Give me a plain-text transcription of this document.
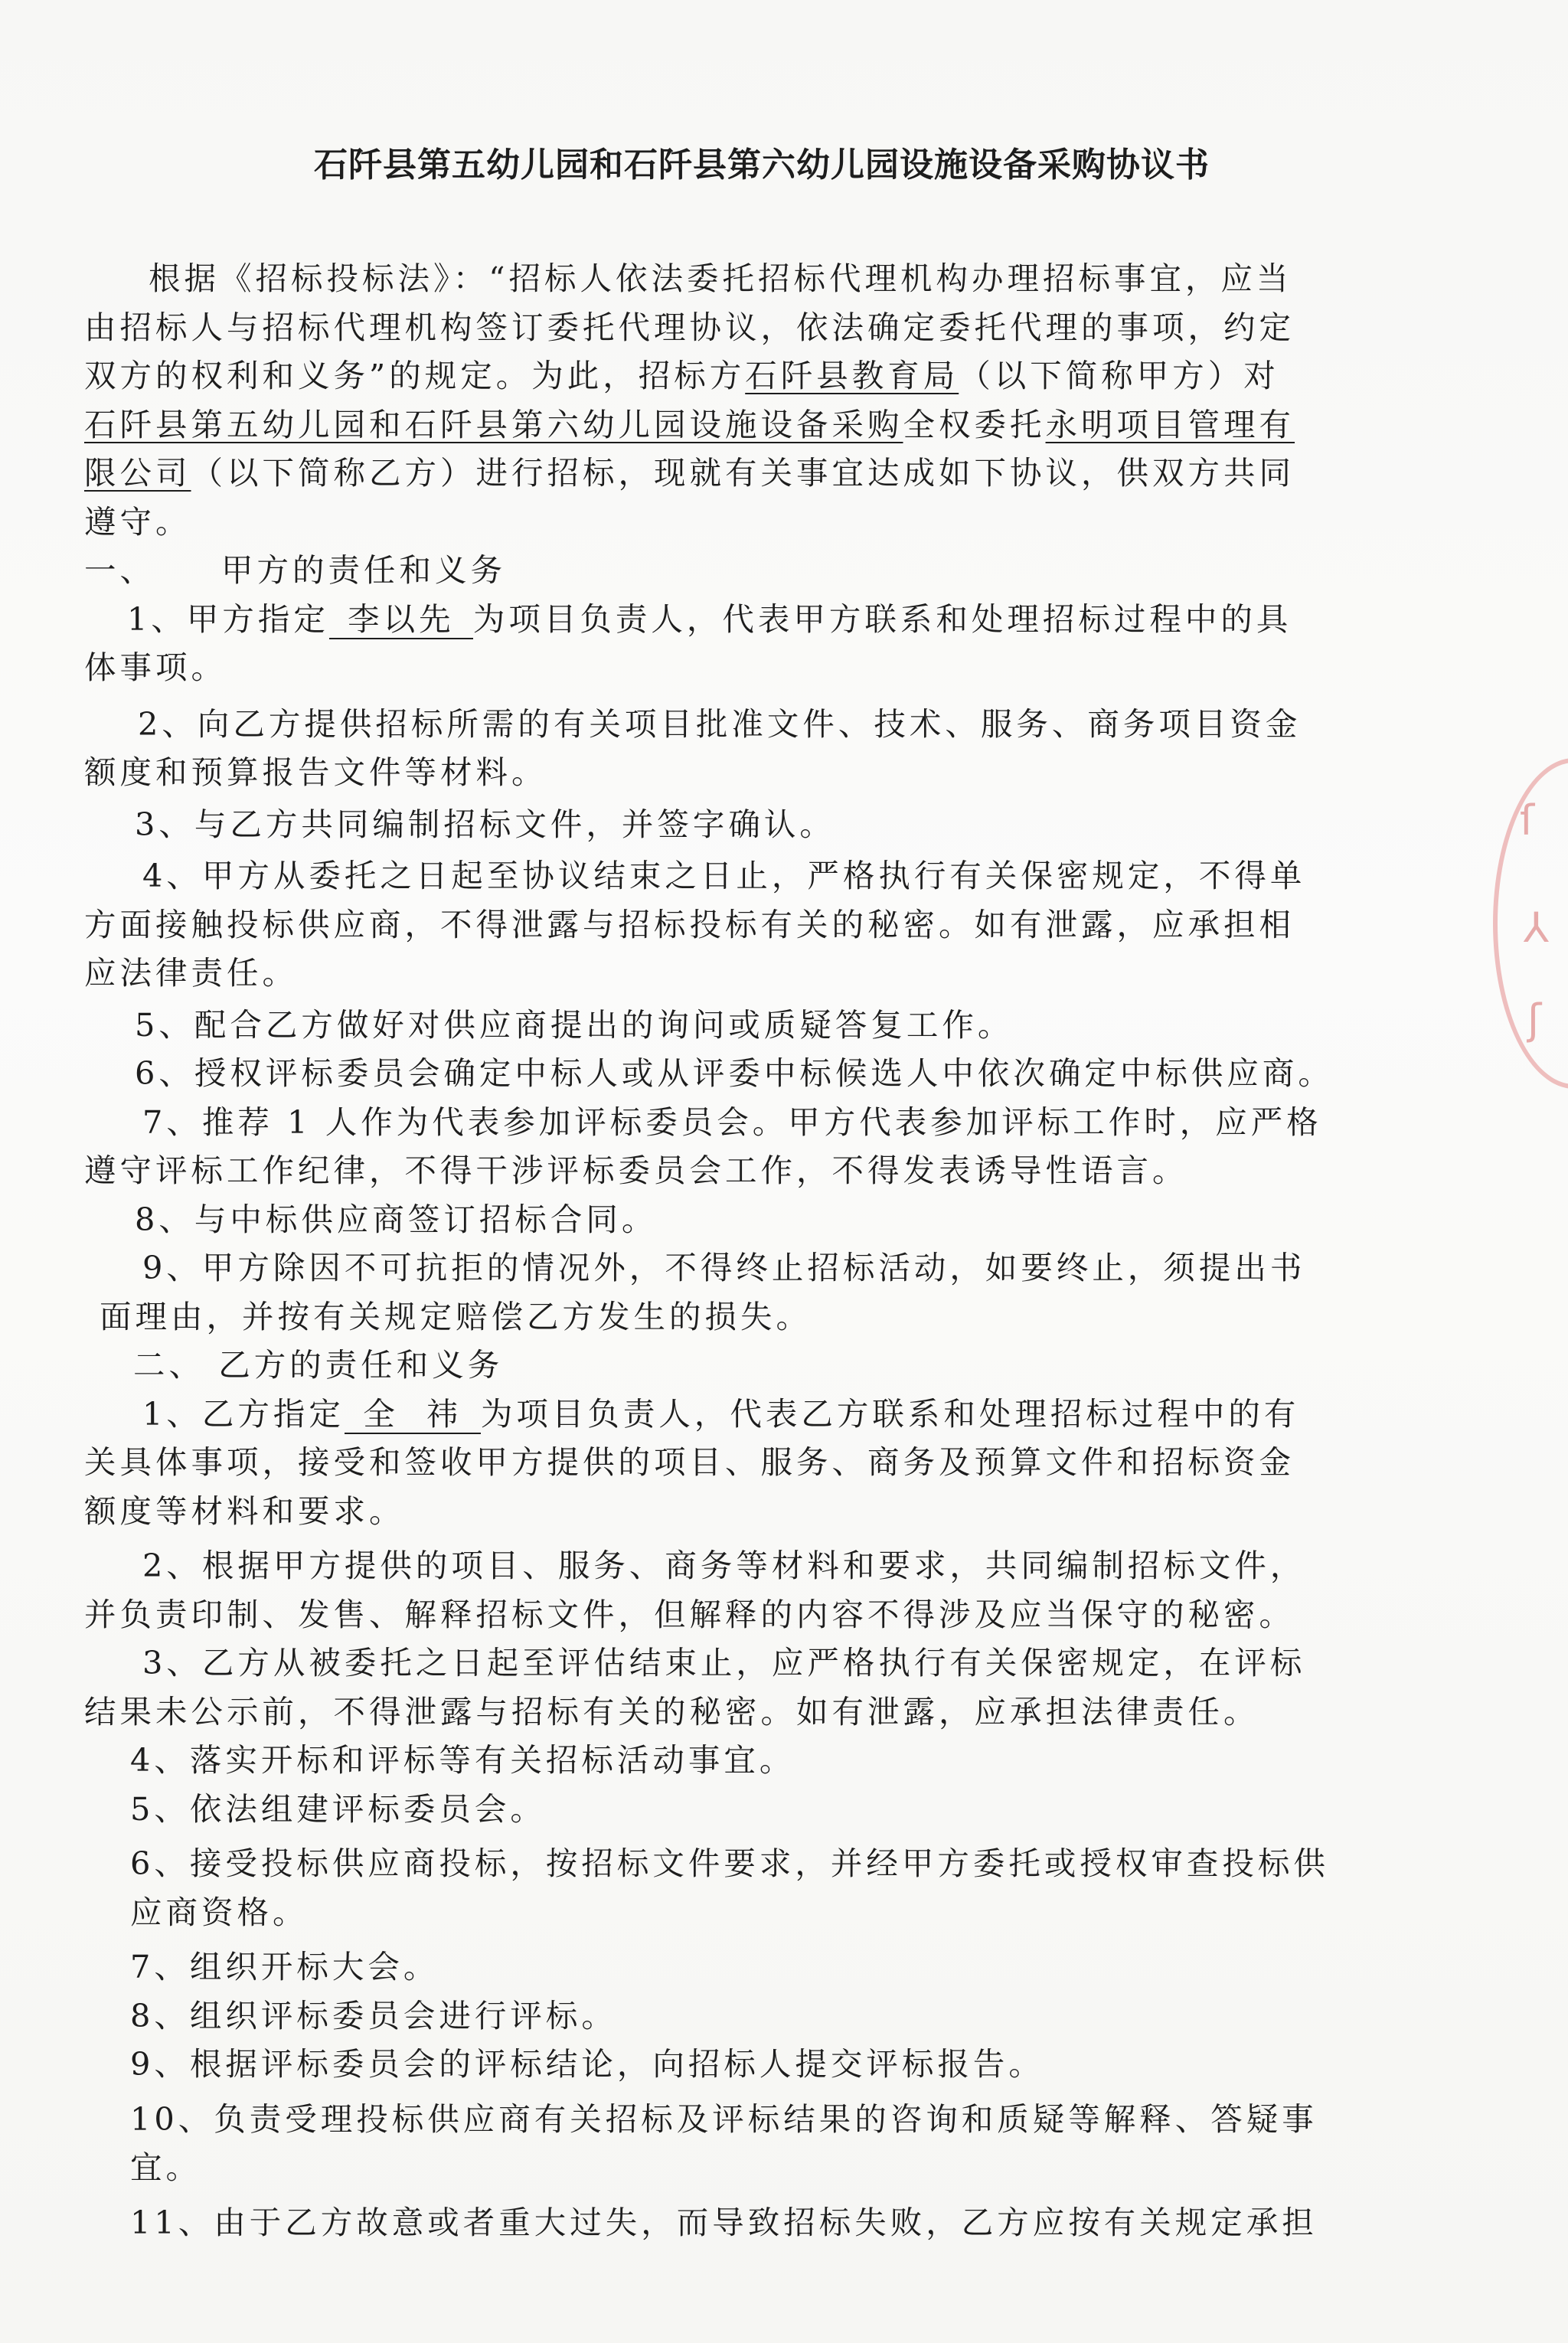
ſ
⅄
ʃ
石阡县第五幼儿园和石阡县第六幼儿园设施设备采购协议书
根据《招标投标法》：“招标人依法委托招标代理机构办理招标事宜，应当
由招标人与招标代理机构签订委托代理协议，依法确定委托代理的事项，约定
双方的权利和义务”的规定。为此，招标方石阡县教育局（以下简称甲方）对
石阡县第五幼儿园和石阡县第六幼儿园设施设备采购全权委托永明项目管理有
限公司（以下简称乙方）进行招标，现就有关事宜达成如下协议，供双方共同
遵守。
一、 甲方的责任和义务
1、甲方指定 李以先 为项目负责人，代表甲方联系和处理招标过程中的具
体事项。
2、向乙方提供招标所需的有关项目批准文件、技术、服务、商务项目资金
额度和预算报告文件等材料。
3、与乙方共同编制招标文件，并签字确认。
4、甲方从委托之日起至协议结束之日止，严格执行有关保密规定，不得单
方面接触投标供应商，不得泄露与招标投标有关的秘密。如有泄露，应承担相
应法律责任。
5、配合乙方做好对供应商提出的询问或质疑答复工作。
6、授权评标委员会确定中标人或从评委中标候选人中依次确定中标供应商。
7、推荐 1 人作为代表参加评标委员会。甲方代表参加评标工作时，应严格
遵守评标工作纪律，不得干涉评标委员会工作，不得发表诱导性语言。
8、与中标供应商签订招标合同。
9、甲方除因不可抗拒的情况外，不得终止招标活动，如要终止，须提出书
面理由，并按有关规定赔偿乙方发生的损失。
二、 乙方的责任和义务
1、乙方指定 全  祎 为项目负责人，代表乙方联系和处理招标过程中的有
关具体事项，接受和签收甲方提供的项目、服务、商务及预算文件和招标资金
额度等材料和要求。
2、根据甲方提供的项目、服务、商务等材料和要求，共同编制招标文件，
并负责印制、发售、解释招标文件，但解释的内容不得涉及应当保守的秘密。
3、乙方从被委托之日起至评估结束止，应严格执行有关保密规定，在评标
结果未公示前，不得泄露与招标有关的秘密。如有泄露，应承担法律责任。
4、落实开标和评标等有关招标活动事宜。
5、依法组建评标委员会。
6、接受投标供应商投标，按招标文件要求，并经甲方委托或授权审查投标供
应商资格。
7、组织开标大会。
8、组织评标委员会进行评标。
9、根据评标委员会的评标结论，向招标人提交评标报告。
10、负责受理投标供应商有关招标及评标结果的咨询和质疑等解释、答疑事
宜。
11、由于乙方故意或者重大过失，而导致招标失败，乙方应按有关规定承担
